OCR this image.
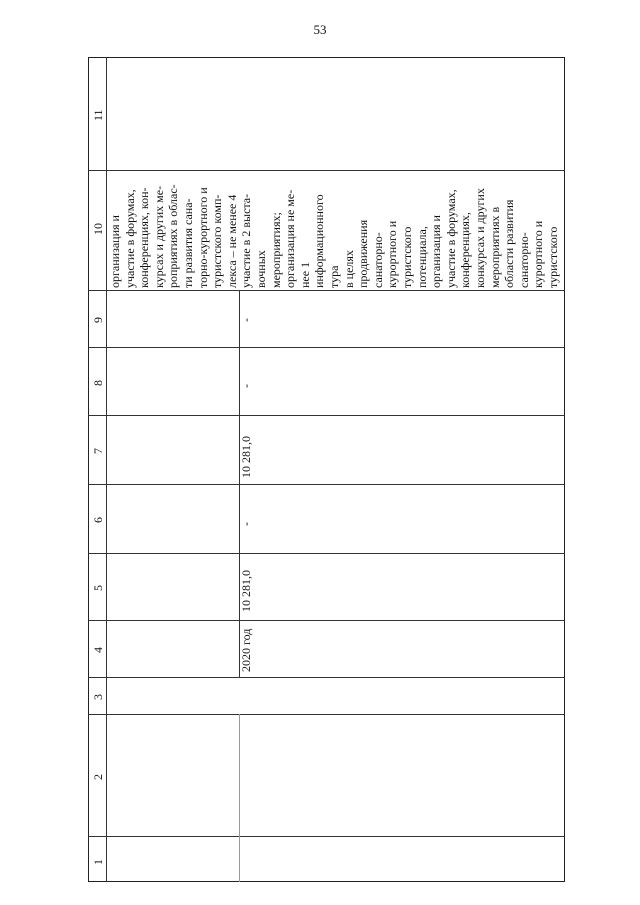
53
11
10
9
8
7
6
5
4
3
2
1
2020 год
10 281,0
-
10 281,0
-
-
организация и участие в форумах, конференциях, кон- курсах и других ме- роприятиях в облас- ти развития сана- торно-курортного и туристского комп- лекса – не менее 4 участие в 2 выста- вочных мероприятиях; организация не ме- нее 1 информационного тура в целях продвижения санаторно- курортного и туристского потенциала, организация и участие в форумах, конференциях, конкурсах и других мероприятиях в области развития санаторно- курортного и туристского
